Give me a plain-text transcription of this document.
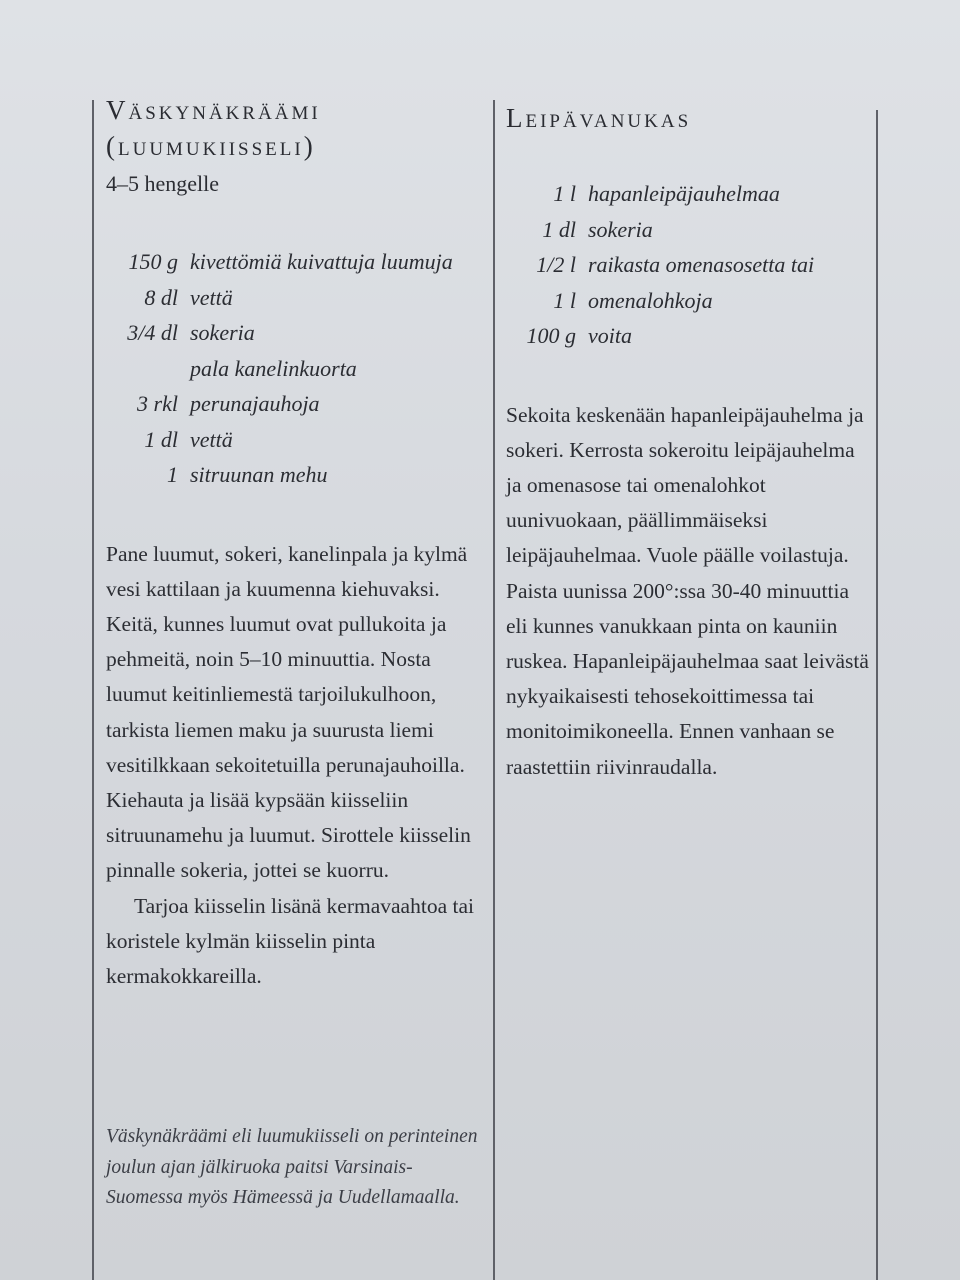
Väskynäkräämi
(luumukiisseli)
4–5 hengelle
150 g kivettömiä kuivattuja luumuja
8 dl vettä
3/4 dl sokeria
pala kanelinkuorta
3 rkl perunajauhoja
1 dl vettä
1 sitruunan mehu

Pane luumut, sokeri, kanelinpala ja kylmä vesi kattilaan ja kuumenna kiehuvaksi. Keitä, kunnes luumut ovat pullukoita ja pehmeitä, noin 5–10 minuuttia. Nosta luumut keitinliemestä tarjoilukulhoon, tarkista liemen maku ja suurusta liemi vesitilkkaan sekoitetuilla perunajauhoilla. Kiehauta ja lisää kypsään kiisseliin sitruunamehu ja luumut. Sirottele kiisselin pinnalle sokeria, jottei se kuorru.

Tarjoa kiisselin lisänä kermavaahtoa tai koristele kylmän kiisselin pinta kermakokkareilla.

Väskynäkräämi eli luumukiisseli on perinteinen joulun ajan jälkiruoka paitsi Varsinais-Suomessa myös Hämeessä ja Uudellamaalla.

Leipävanukas
1 l hapanleipäjauhelmaa
1 dl sokeria
1/2 l raikasta omenasosetta tai
1 l omenalohkoja
100 g voita

Sekoita keskenään hapanleipäjauhelma ja sokeri. Kerrosta sokeroitu leipäjauhelma ja omenasose tai omenalohkot uunivuokaan, päällimmäiseksi leipäjauhelmaa. Vuole päälle voilastuja. Paista uunissa 200°:ssa 30-40 minuuttia eli kunnes vanukkaan pinta on kauniin ruskea. Hapanleipäjauhelmaa saat leivästä nykyaikaisesti tehosekoittimessa tai monitoimikoneella. Ennen vanhaan se raastettiin riivinraudalla.
